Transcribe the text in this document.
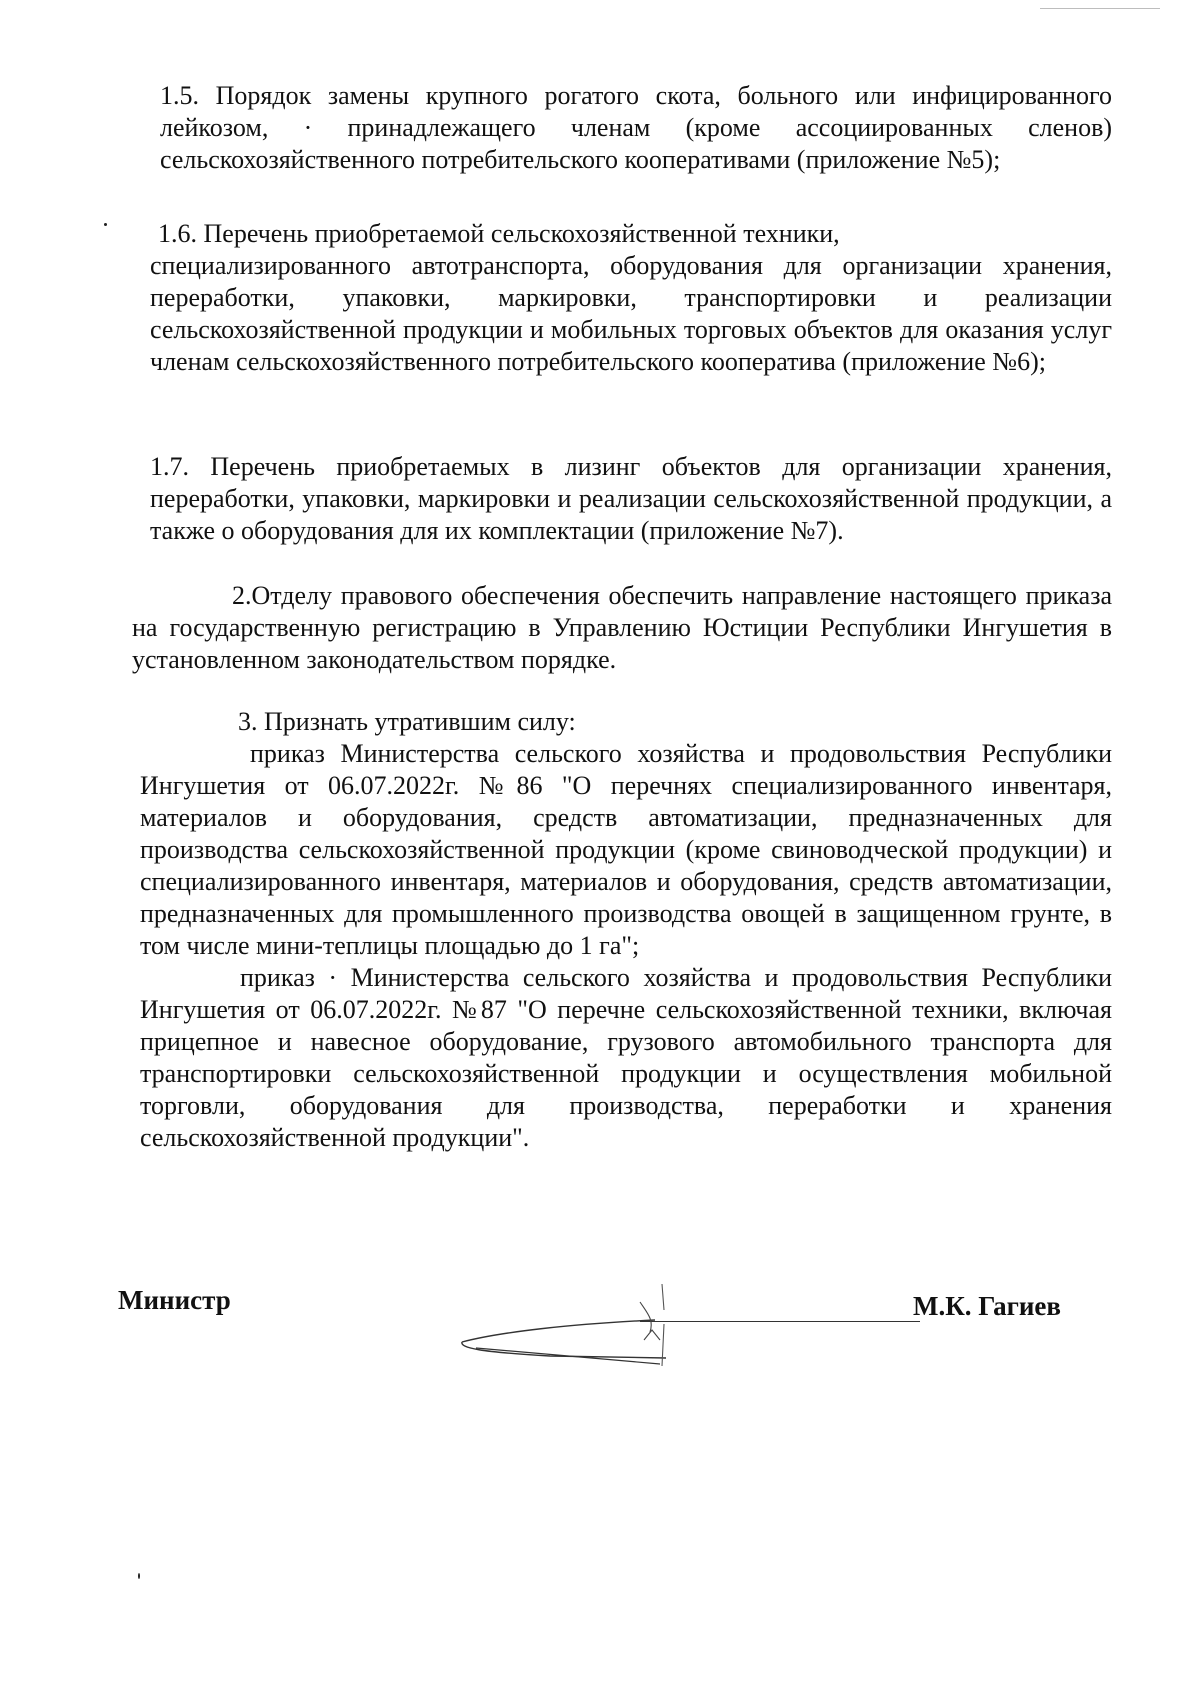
1.5. Порядок замены крупного рогатого скота, больного или инфицированного лейкозом, · принадлежащего членам (кроме ассоциированных сленов) сельскохозяйственного потребительского кооперативами (приложение №5);

1.6. Перечень приобретаемой сельскохозяйственной техники,

специализированного автотранспорта, оборудования для организации хранения, переработки, упаковки, маркировки, транспортировки и реализации сельскохозяйственной продукции и мобильных торговых объектов для оказания услуг членам сельскохозяйственного потребительского кооператива (приложение №6);

1.7. Перечень приобретаемых в лизинг объектов для организации хранения, переработки, упаковки, маркировки и реализации сельскохозяйственной продукции, а также о оборудования для их комплектации (приложение №7).

2.Отделу правового обеспечения обеспечить направление настоящего приказа на государственную регистрацию в Управлению Юстиции Республики Ингушетия в установленном законодательством порядке.

3. Признать утратившим силу:

приказ Министерства сельского хозяйства и продовольствия Республики Ингушетия от 06.07.2022г. №86 "О перечнях специализированного инвентаря, материалов и оборудования, средств автоматизации, предназначенных для производства сельскохозяйственной продукции (кроме свиноводческой продукции) и специализированного инвентаря, материалов и оборудования, средств автоматизации, предназначенных для промышленного производства овощей в защищенном грунте, в том числе мини-теплицы площадью до 1 га";

приказ · Министерства сельского хозяйства и продовольствия Республики Ингушетия от 06.07.2022г. №87 "О перечне сельскохозяйственной техники, включая прицепное и навесное оборудование, грузового автомобильного транспорта для транспортировки сельскохозяйственной продукции и осуществления мобильной торговли, оборудования для производства, переработки и хранения сельскохозяйственной продукции".

Министр	М.К. Гагиев
